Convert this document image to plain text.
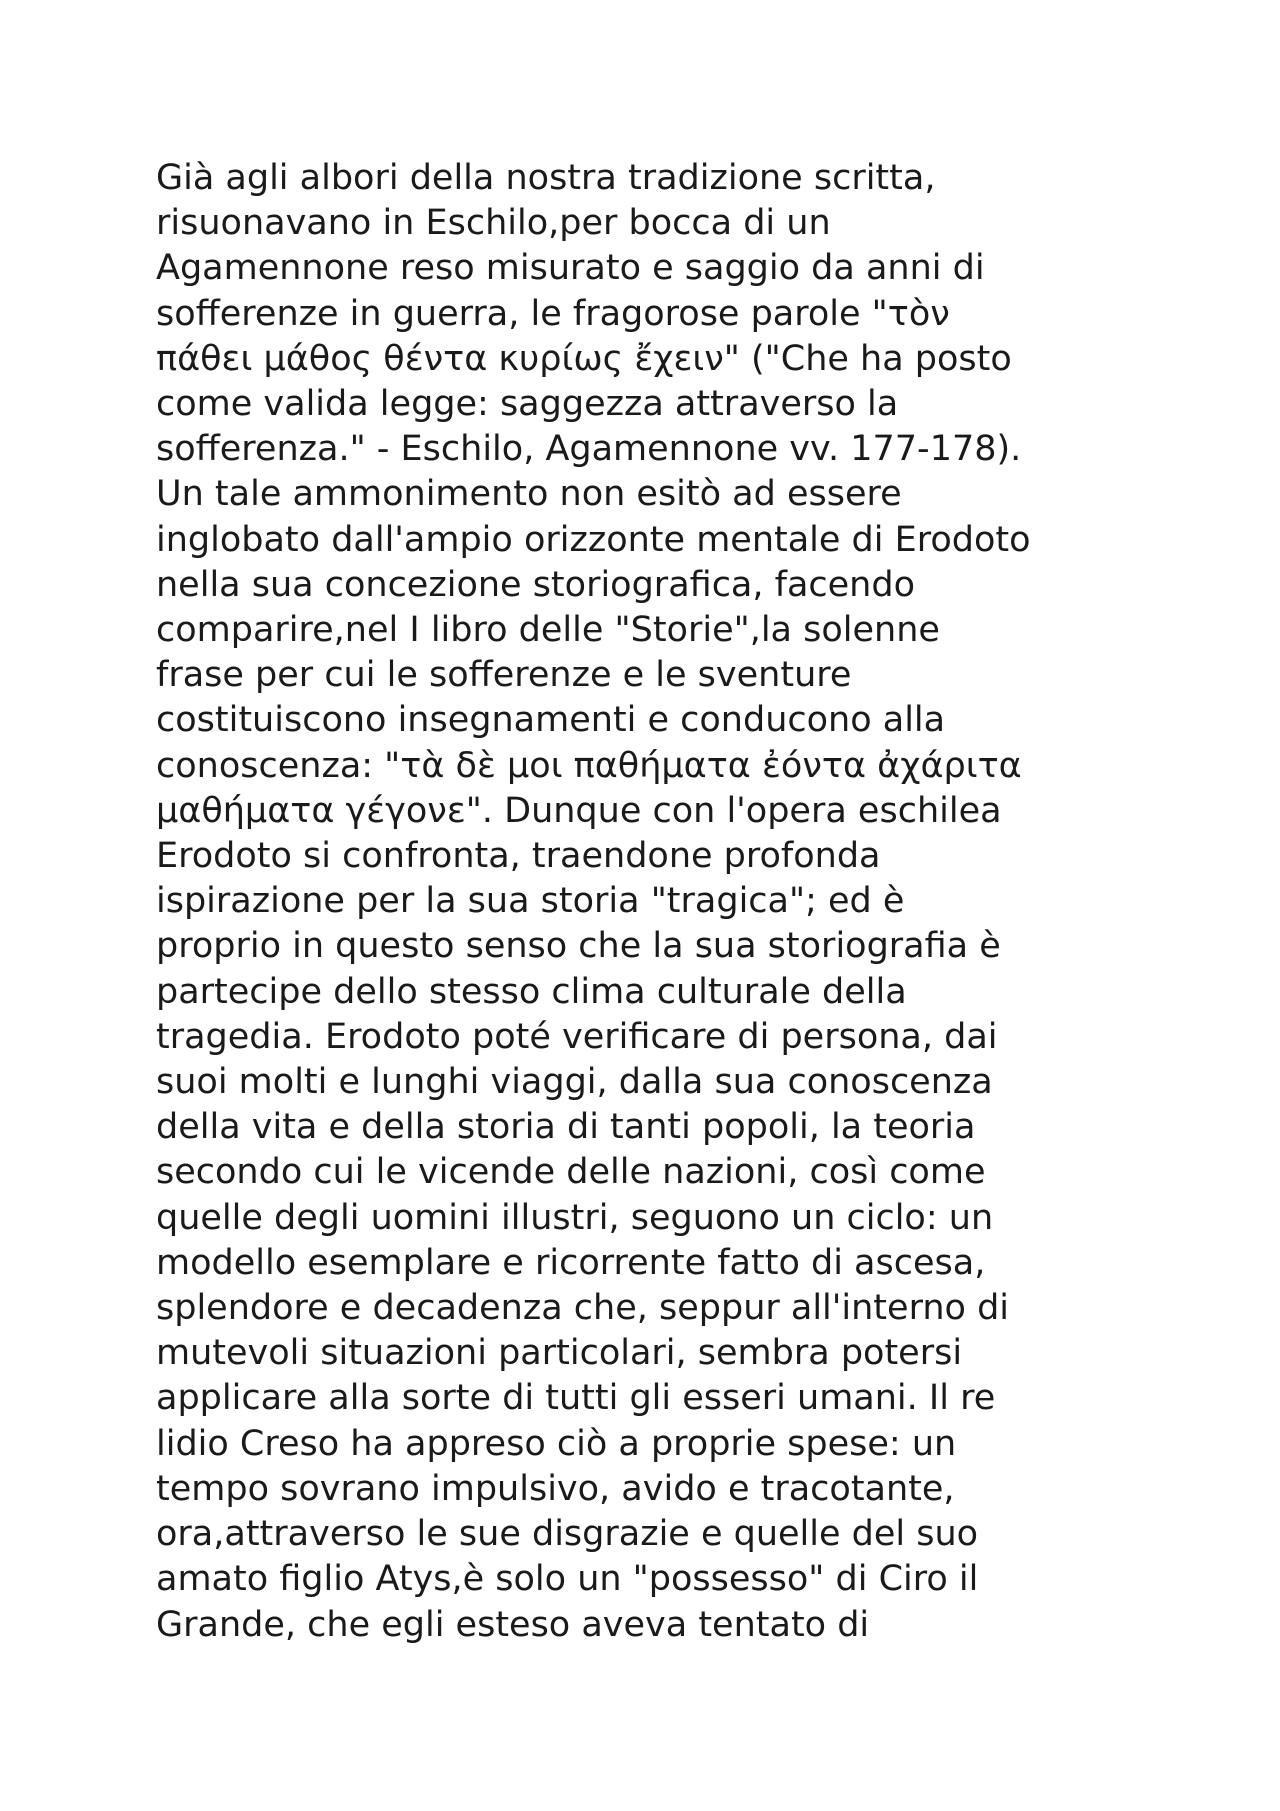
Già agli albori della nostra tradizione scritta,
risuonavano in Eschilo,per bocca di un
Agamennone reso misurato e saggio da anni di
sofferenze in guerra, le fragorose parole "τὸν
πάθει μάθος θέντα κυρίως ἔχειν" ("Che ha posto
come valida legge: saggezza attraverso la
sofferenza." - Eschilo, Agamennone vv. 177-178).
Un tale ammonimento non esitò ad essere
inglobato dall'ampio orizzonte mentale di Erodoto
nella sua concezione storiografica, facendo
comparire,nel I libro delle "Storie",la solenne
frase per cui le sofferenze e le sventure
costituiscono insegnamenti e conducono alla
conoscenza: "τὰ δὲ μοι παθήματα ἐόντα ἀχάριτα
μαθήματα γέγονε". Dunque con l'opera eschilea
Erodoto si confronta, traendone profonda
ispirazione per la sua storia "tragica"; ed è
proprio in questo senso che la sua storiografia è
partecipe dello stesso clima culturale della
tragedia. Erodoto poté verificare di persona, dai
suoi molti e lunghi viaggi, dalla sua conoscenza
della vita e della storia di tanti popoli, la teoria
secondo cui le vicende delle nazioni, così come
quelle degli uomini illustri, seguono un ciclo: un
modello esemplare e ricorrente fatto di ascesa,
splendore e decadenza che, seppur all'interno di
mutevoli situazioni particolari, sembra potersi
applicare alla sorte di tutti gli esseri umani. Il re
lidio Creso ha appreso ciò a proprie spese: un
tempo sovrano impulsivo, avido e tracotante,
ora,attraverso le sue disgrazie e quelle del suo
amato figlio Atys,è solo un "possesso" di Ciro il
Grande, che egli esteso aveva tentato di
